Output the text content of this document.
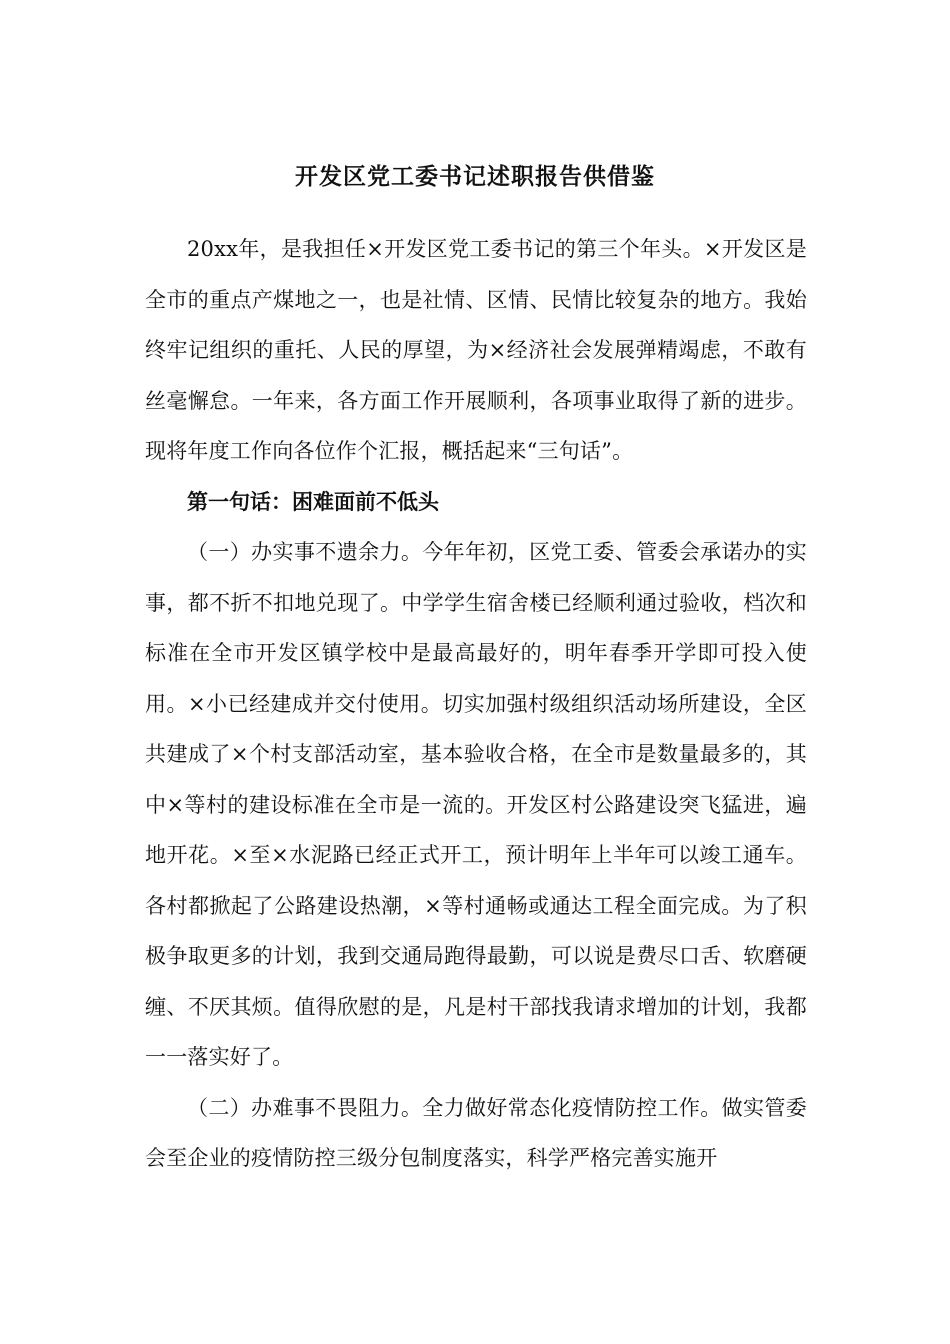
开发区党工委书记述职报告供借鉴

20xx年，是我担任×开发区党工委书记的第三个年头。×开发区是全市的重点产煤地之一，也是社情、区情、民情比较复杂的地方。我始终牢记组织的重托、人民的厚望，为×经济社会发展弹精竭虑，不敢有丝毫懈怠。一年来，各方面工作开展顺利，各项事业取得了新的进步。现将年度工作向各位作个汇报，概括起来“三句话”。

第一句话：困难面前不低头

（一）办实事不遗余力。今年年初，区党工委、管委会承诺办的实事，都不折不扣地兑现了。中学学生宿舍楼已经顺利通过验收，档次和标准在全市开发区镇学校中是最高最好的，明年春季开学即可投入使用。×小已经建成并交付使用。切实加强村级组织活动场所建设，全区共建成了×个村支部活动室，基本验收合格，在全市是数量最多的，其中×等村的建设标准在全市是一流的。开发区村公路建设突飞猛进，遍地开花。×至×水泥路已经正式开工，预计明年上半年可以竣工通车。各村都掀起了公路建设热潮，×等村通畅或通达工程全面完成。为了积极争取更多的计划，我到交通局跑得最勤，可以说是费尽口舌、软磨硬缠、不厌其烦。值得欣慰的是，凡是村干部找我请求增加的计划，我都一一落实好了。

（二）办难事不畏阻力。全力做好常态化疫情防控工作。做实管委会至企业的疫情防控三级分包制度落实，科学严格完善实施开
